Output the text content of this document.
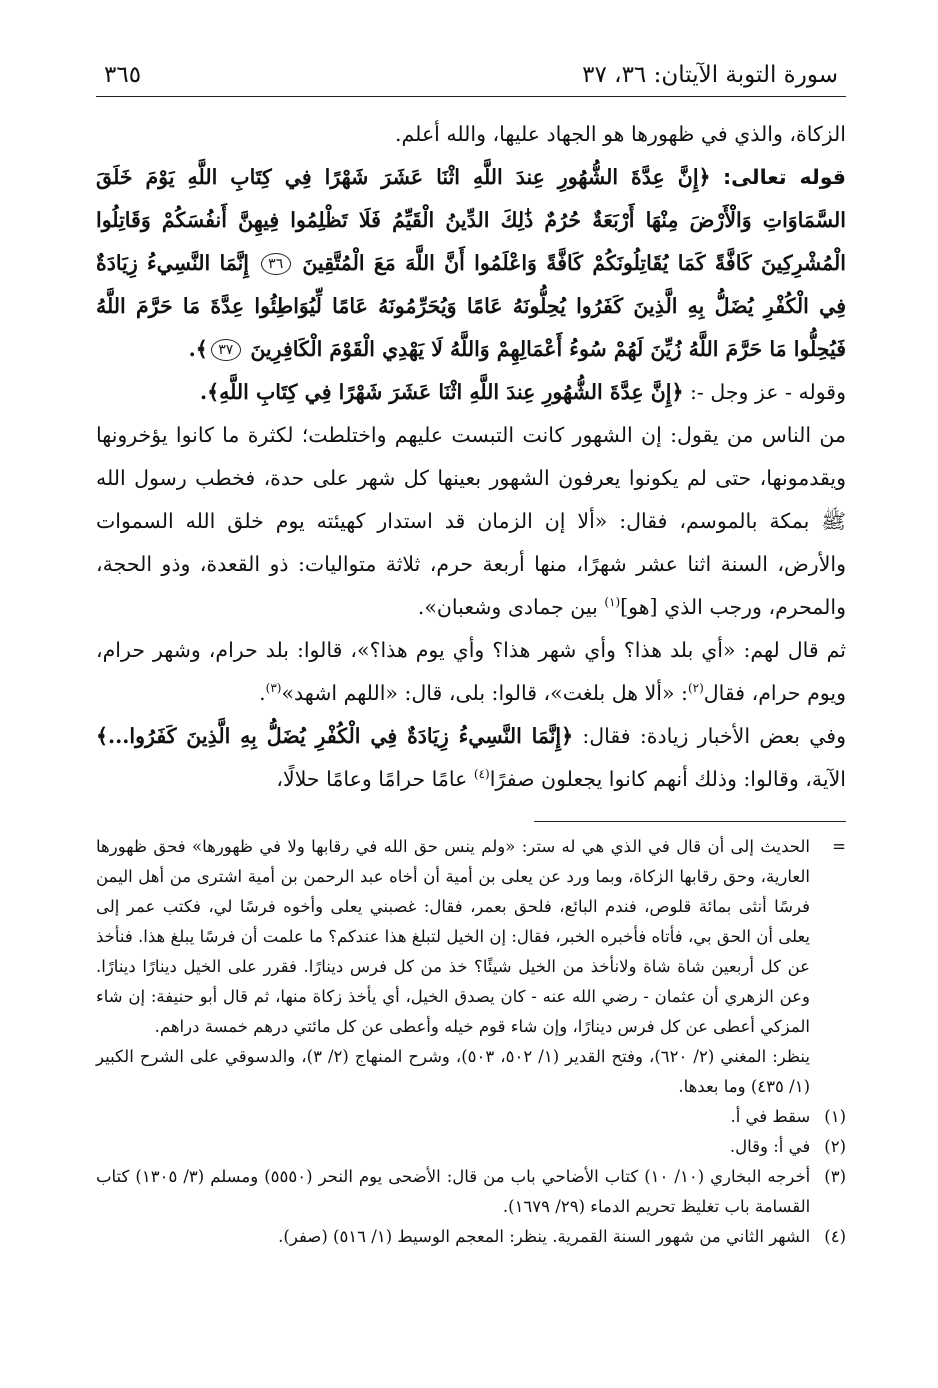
سورة التوبة الآيتان: ٣٦، ٣٧
٣٦٥

الزكاة، والذي في ظهورها هو الجهاد عليها، والله أعلم.

قوله تعالى: ﴿إِنَّ عِدَّةَ الشُّهُورِ عِندَ اللَّهِ اثْنَا عَشَرَ شَهْرًا فِي كِتَابِ اللَّهِ يَوْمَ خَلَقَ السَّمَاوَاتِ وَالْأَرْضَ مِنْهَا أَرْبَعَةٌ حُرُمٌ ذَٰلِكَ الدِّينُ الْقَيِّمُ فَلَا تَظْلِمُوا فِيهِنَّ أَنفُسَكُمْ وَقَاتِلُوا الْمُشْرِكِينَ كَافَّةً كَمَا يُقَاتِلُونَكُمْ كَافَّةً وَاعْلَمُوا أَنَّ اللَّهَ مَعَ الْمُتَّقِينَ ٣٦ إِنَّمَا النَّسِيءُ زِيَادَةٌ فِي الْكُفْرِ يُضَلُّ بِهِ الَّذِينَ كَفَرُوا يُحِلُّونَهُ عَامًا وَيُحَرِّمُونَهُ عَامًا لِّيُوَاطِئُوا عِدَّةَ مَا حَرَّمَ اللَّهُ فَيُحِلُّوا مَا حَرَّمَ اللَّهُ زُيِّنَ لَهُمْ سُوءُ أَعْمَالِهِمْ وَاللَّهُ لَا يَهْدِي الْقَوْمَ الْكَافِرِينَ ٣٧﴾.

وقوله - عز وجل -: ﴿إِنَّ عِدَّةَ الشُّهُورِ عِندَ اللَّهِ اثْنَا عَشَرَ شَهْرًا فِي كِتَابِ اللَّهِ﴾.

من الناس من يقول: إن الشهور كانت التبست عليهم واختلطت؛ لكثرة ما كانوا يؤخرونها ويقدمونها، حتى لم يكونوا يعرفون الشهور بعينها كل شهر على حدة، فخطب رسول الله ﷺ بمكة بالموسم، فقال: «ألا إن الزمان قد استدار كهيئته يوم خلق الله السموات والأرض، السنة اثنا عشر شهرًا، منها أربعة حرم، ثلاثة متواليات: ذو القعدة، وذو الحجة، والمحرم، ورجب الذي [هو]$^{(١)}$ بين جمادى وشعبان».

ثم قال لهم: «أي بلد هذا؟ وأي شهر هذا؟ وأي يوم هذا؟»، قالوا: بلد حرام، وشهر حرام، ويوم حرام، فقال$^{(٢)}$: «ألا هل بلغت»، قالوا: بلى، قال: «اللهم اشهد»$^{(٣)}$.

وفي بعض الأخبار زيادة: فقال: ﴿إِنَّمَا النَّسِيءُ زِيَادَةٌ فِي الْكُفْرِ يُضَلُّ بِهِ الَّذِينَ كَفَرُوا...﴾ الآية، وقالوا: وذلك أنهم كانوا يجعلون صفرًا$^{(٤)}$ عامًا حرامًا وعامًا حلالًا،

=
الحديث إلى أن قال في الذي هي له ستر: «ولم ينس حق الله في رقابها ولا في ظهورها» فحق ظهورها العارية، وحق رقابها الزكاة، وبما ورد عن يعلى بن أمية أن أخاه عبد الرحمن بن أمية اشترى من أهل اليمن فرسًا أنثى بمائة قلوص، فندم البائع، فلحق بعمر، فقال: غصبني يعلى وأخوه فرسًا لي، فكتب عمر إلى يعلى أن الحق بي، فأتاه فأخبره الخبر، فقال: إن الخيل لتبلغ هذا عندكم؟ ما علمت أن فرسًا يبلغ هذا. فنأخذ عن كل أربعين شاة شاة ولانأخذ من الخيل شيئًا؟ خذ من كل فرس دينارًا. فقرر على الخيل دينارًا دينارًا. وعن الزهري أن عثمان - رضي الله عنه - كان يصدق الخيل، أي يأخذ زكاة منها، ثم قال أبو حنيفة: إن شاء المزكي أعطى عن كل فرس دينارًا، وإن شاء قوم خيله وأعطى عن كل مائتي درهم خمسة دراهم.
ينظر: المغني (٢/ ٦٢٠)، وفتح القدير (١/ ٥٠٢، ٥٠٣)، وشرح المنهاج (٢/ ٣)، والدسوقي على الشرح الكبير (١/ ٤٣٥) وما بعدها.
(١)
سقط في أ.
(٢)
في أ: وقال.
(٣)
أخرجه البخاري (١٠/ ١٠) كتاب الأضاحي باب من قال: الأضحى يوم النحر (٥٥٥٠) ومسلم (٣/ ١٣٠٥) كتاب القسامة باب تغليظ تحريم الدماء (٢٩/ ١٦٧٩).
(٤)
الشهر الثاني من شهور السنة القمرية. ينظر: المعجم الوسيط (١/ ٥١٦) (صفر).
